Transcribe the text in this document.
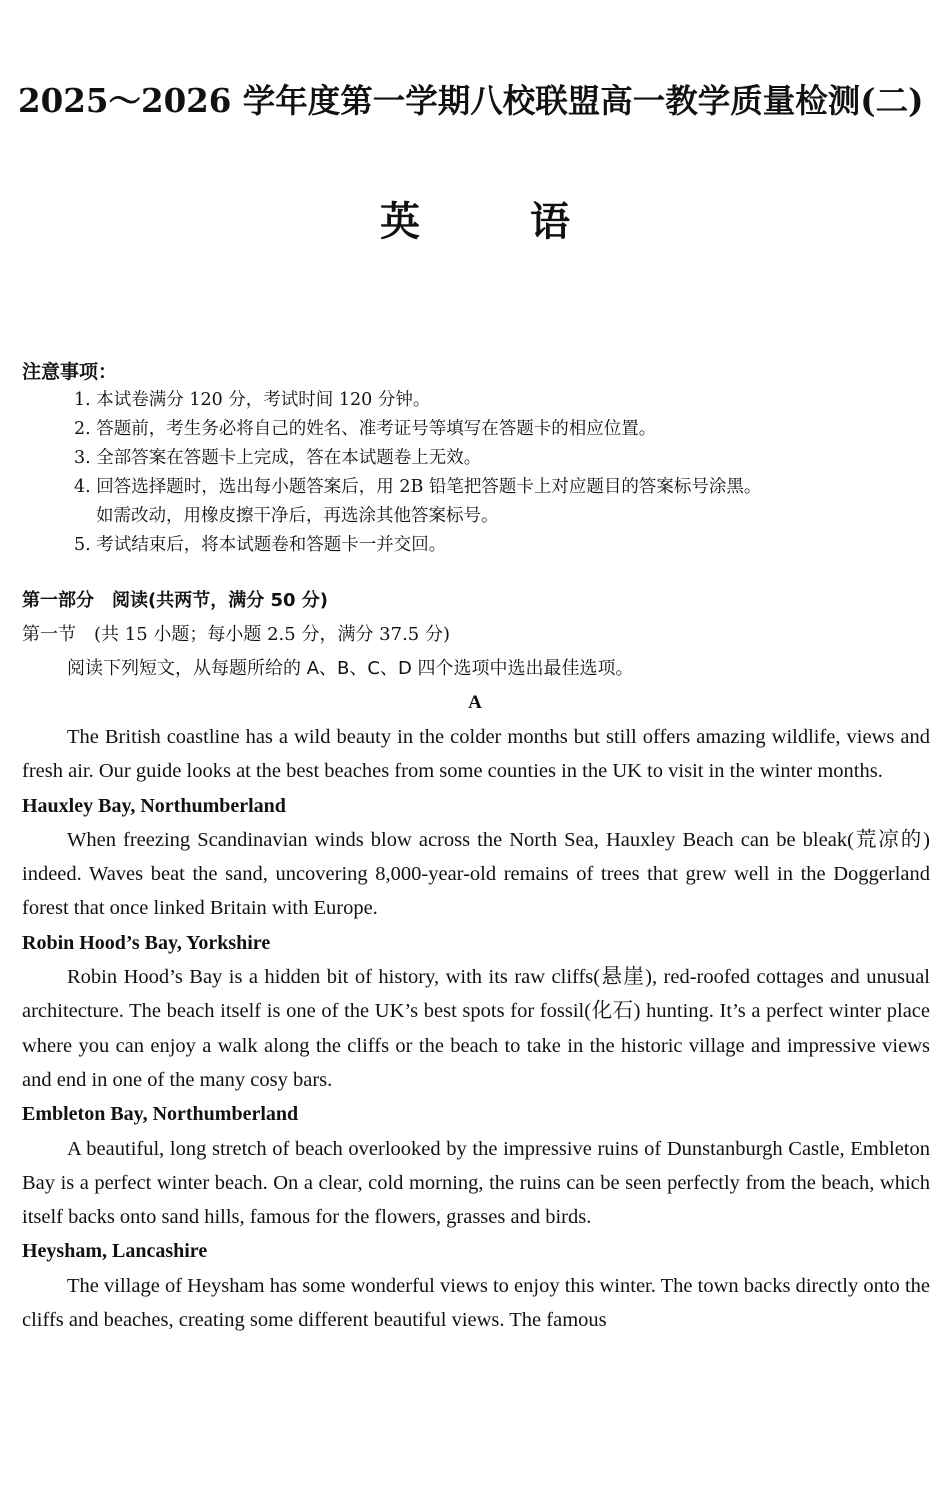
2025～2026 学年度第一学期八校联盟高一教学质量检测(二)
英	语
注意事项：
1. 本试卷满分 120 分，考试时间 120 分钟。
2. 答题前，考生务必将自己的姓名、准考证号等填写在答题卡的相应位置。
3. 全部答案在答题卡上完成，答在本试题卷上无效。
4. 回答选择题时，选出每小题答案后，用 2B 铅笔把答题卡上对应题目的答案标号涂黑。
如需改动，用橡皮擦干净后，再选涂其他答案标号。
5. 考试结束后，将本试题卷和答题卡一并交回。
第一部分　阅读(共两节，满分 50 分)
第一节　(共 15 小题；每小题 2.5 分，满分 37.5 分)
阅读下列短文，从每题所给的 A、B、C、D 四个选项中选出最佳选项。
A

The British coastline has a wild beauty in the colder months but still offers amazing wildlife, views and fresh air. Our guide looks at the best beaches from some counties in the UK to visit in the winter months.

Hauxley Bay, Northumberland

When freezing Scandinavian winds blow across the North Sea, Hauxley Beach can be bleak(荒凉的) indeed. Waves beat the sand, uncovering 8,000-year-old remains of trees that grew well in the Doggerland forest that once linked Britain with Europe.

Robin Hood’s Bay, Yorkshire

Robin Hood’s Bay is a hidden bit of history, with its raw cliffs(悬崖), red-roofed cottages and unusual architecture. The beach itself is one of the UK’s best spots for fossil(化石) hunting. It’s a perfect winter place where you can enjoy a walk along the cliffs or the beach to take in the historic village and impressive views and end in one of the many cosy bars.

Embleton Bay, Northumberland

A beautiful, long stretch of beach overlooked by the impressive ruins of Dunstanburgh Castle, Embleton Bay is a perfect winter beach. On a clear, cold morning, the ruins can be seen perfectly from the beach, which itself backs onto sand hills, famous for the flowers, grasses and birds.

Heysham, Lancashire

The village of Heysham has some wonderful views to enjoy this winter. The town backs directly onto the cliffs and beaches, creating some different beautiful views. The famous
